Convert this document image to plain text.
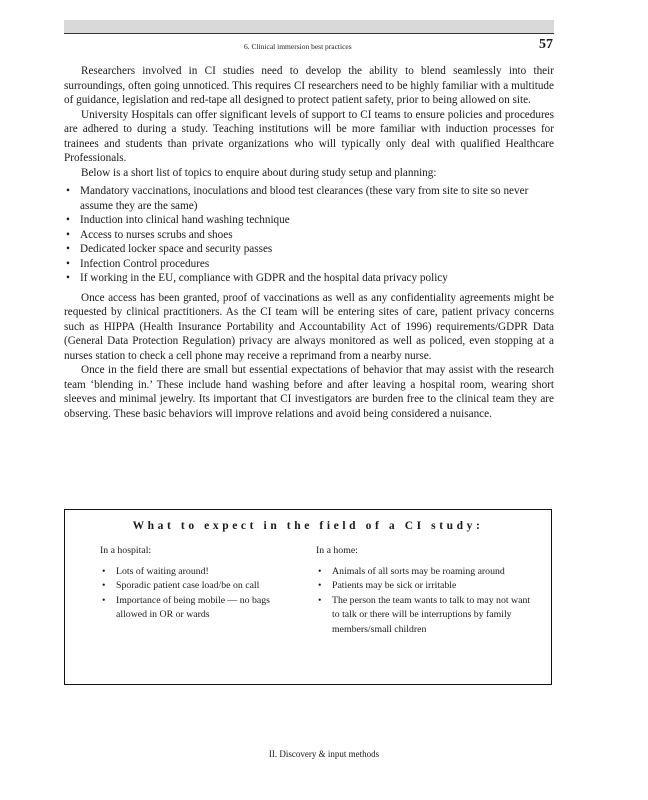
6. Clinical immersion best practices	57

Researchers involved in CI studies need to develop the ability to blend seamlessly into their surroundings, often going unnoticed. This requires CI researchers need to be highly familiar with a multitude of guidance, legislation and red-tape all designed to protect patient safety, prior to being allowed on site.

University Hospitals can offer significant levels of support to CI teams to ensure policies and procedures are adhered to during a study. Teaching institutions will be more familiar with induction processes for trainees and students than private organizations who will typically only deal with qualified Healthcare Professionals.

Below is a short list of topics to enquire about during study setup and planning:

• Mandatory vaccinations, inoculations and blood test clearances (these vary from site to site so never assume they are the same)
• Induction into clinical hand washing technique
• Access to nurses scrubs and shoes
• Dedicated locker space and security passes
• Infection Control procedures
• If working in the EU, compliance with GDPR and the hospital data privacy policy

Once access has been granted, proof of vaccinations as well as any confidentiality agreements might be requested by clinical practitioners. As the CI team will be entering sites of care, patient privacy concerns such as HIPPA (Health Insurance Portability and Accountability Act of 1996) requirements/GDPR Data (General Data Protection Regulation) privacy are always monitored as well as policed, even stopping at a nurses station to check a cell phone may receive a reprimand from a nearby nurse.

Once in the field there are small but essential expectations of behavior that may assist with the research team ‘blending in.’ These include hand washing before and after leaving a hospital room, wearing short sleeves and minimal jewelry. Its important that CI investigators are burden free to the clinical team they are observing. These basic behaviors will improve relations and avoid being considered a nuisance.

What to expect in the field of a CI study:

In a hospital:

• Lots of waiting around!
• Sporadic patient case load/be on call
• Importance of being mobile — no bags allowed in OR or wards

In a home:

• Animals of all sorts may be roaming around
• Patients may be sick or irritable
• The person the team wants to talk to may not want to talk or there will be interruptions by family members/small children
II. Discovery & input methods
